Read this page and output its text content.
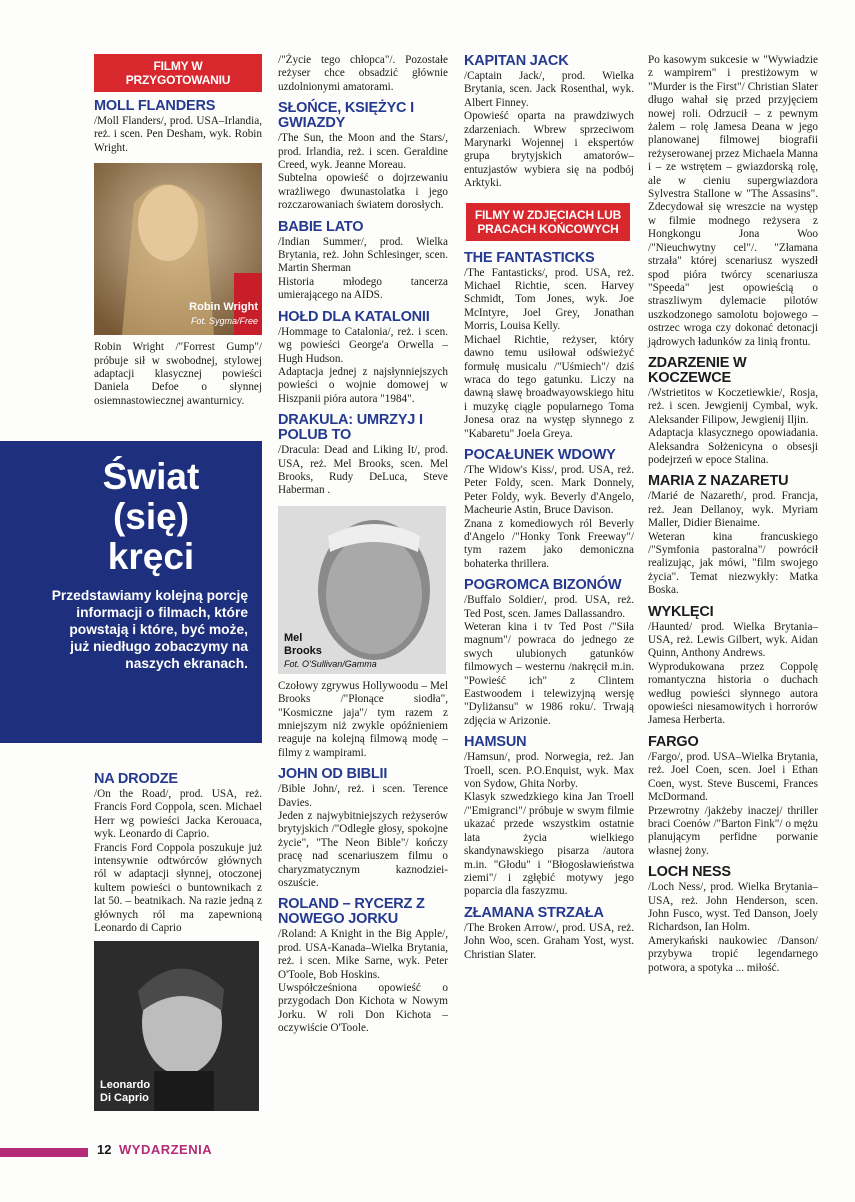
FILMY W PRZYGOTOWANIU
MOLL FLANDERS

/Moll Flanders/, prod. USA–Irlandia, reż. i scen. Pen Desham, wyk. Robin Wright.

Robin Wright
Fot. Sygma/Free

Robin Wright /"Forrest Gump"/ próbuje sił w swobodnej, stylowej adaptacji klasycznej powieści Daniela Defoe o słynnej osiemnastowiecznej awanturnicy.

Świat
(się)
kręci
Przedstawiamy kolejną porcję informacji o filmach, które powstają i które, być może, już niedługo zobaczymy na naszych ekranach.
NA DRODZE

/On the Road/, prod. USA, reż. Francis Ford Coppola, scen. Michael Herr wg powieści Jacka Kerouaca, wyk. Leonardo di Caprio.

Francis Ford Coppola poszukuje już intensywnie odtwórców głównych ról w adaptacji słynnej, otoczonej kultem powieści o buntownikach z lat 50. – beatnikach. Na razie jedną z głównych ról ma zapewnioną Leonardo di Caprio

Leonardo
Di Caprio

/"Życie tego chłopca"/. Pozostałe reżyser chce obsadzić głównie uzdolnionymi amatorami.

SŁOŃCE, KSIĘŻYC I GWIAZDY

/The Sun, the Moon and the Stars/, prod. Irlandia, reż. i scen. Geraldine Creed, wyk. Jeanne Moreau.

Subtelna opowieść o dojrzewaniu wrażliwego dwunastolatka i jego rozczarowaniach światem dorosłych.

BABIE LATO

/Indian Summer/, prod. Wielka Brytania, reż. John Schlesinger, scen. Martin Sherman

Historia młodego tancerza umierającego na AIDS.

HOŁD DLA KATALONII

/Hommage to Catalonia/, reż. i scen. wg powieści George'a Orwella – Hugh Hudson.

Adaptacja jednej z najsłynniejszych powieści o wojnie domowej w Hiszpanii pióra autora "1984".

DRAKULA: UMRZYJ I POLUB TO

/Dracula: Dead and Liking It/, prod. USA, reż. Mel Brooks, scen. Mel Brooks, Rudy DeLuca, Steve Haberman .

Mel
Brooks
Fot. O'Sullivan/Gamma

Czołowy zgrywus Hollywoodu – Mel Brooks /"Płonące siodła", "Kosmiczne jaja"/ tym razem z mniejszym niż zwykle opóźnieniem reaguje na kolejną filmową modę – filmy z wampirami.

JOHN OD BIBLII

/Bible John/, reż. i scen. Terence Davies.

Jeden z najwybitniejszych reżyserów brytyjskich /"Odległe głosy, spokojne życie", "The Neon Bible"/ kończy pracę nad scenariuszem filmu o charyzmatycznym kaznodziei-oszuście.

ROLAND – RYCERZ Z NOWEGO JORKU

/Roland: A Knight in the Big Apple/, prod. USA-Kanada–Wielka Brytania, reż. i scen. Mike Sarne, wyk. Peter O'Toole, Bob Hoskins.

Uwspółcześniona opowieść o przygodach Don Kichota w Nowym Jorku. W roli Don Kichota – oczywiście O'Toole.

KAPITAN JACK

/Captain Jack/, prod. Wielka Brytania, scen. Jack Rosenthal, wyk. Albert Finney.

Opowieść oparta na prawdziwych zdarzeniach. Wbrew sprzeciwom Marynarki Wojennej i ekspertów grupa brytyjskich amatorów–entuzjastów wybiera się na podbój Arktyki.

FILMY W ZDJĘCIACH LUB PRACACH KOŃCOWYCH
THE FANTASTICKS

/The Fantasticks/, prod. USA, reż. Michael Richtie, scen. Harvey Schmidt, Tom Jones, wyk. Joe McIntyre, Joel Grey, Jonathan Morris, Louisa Kelly.

Michael Richtie, reżyser, który dawno temu usiłował odświeżyć formułę musicalu /"Uśmiech"/ dziś wraca do tego gatunku. Liczy na dawną sławę broadwayowskiego hitu i muzykę ciągle popularnego Toma Jonesa oraz na występ słynnego z "Kabaretu" Joela Greya.

POCAŁUNEK WDOWY

/The Widow's Kiss/, prod. USA, reż. Peter Foldy, scen. Mark Donnely, Peter Foldy, wyk. Beverly d'Angelo, Macheurie Astin, Bruce Davison.

Znana z komediowych ról Beverly d'Angelo /"Honky Tonk Freeway"/ tym razem jako demoniczna bohaterka thrillera.

POGROMCA BIZONÓW

/Buffalo Soldier/, prod. USA, reż. Ted Post, scen. James Dallassandro.

Weteran kina i tv Ted Post /"Siła magnum"/ powraca do jednego ze swych ulubionych gatunków filmowych – westernu /nakręcił m.in. "Powieść ich" z Clintem Eastwoodem i telewizyjną wersję "Dyliżansu" w 1986 roku/. Trwają zdjęcia w Arizonie.

HAMSUN

/Hamsun/, prod. Norwegia, reż. Jan Troell, scen. P.O.Enquist, wyk. Max von Sydow, Ghita Norby.

Klasyk szwedzkiego kina Jan Troell /"Emigranci"/ próbuje w swym filmie ukazać przede wszystkim ostatnie lata życia wielkiego skandynawskiego pisarza /autora m.in. "Głodu" i "Błogosławieństwa ziemi"/ i zgłębić motywy jego poparcia dla faszyzmu.

ZŁAMANA STRZAŁA

/The Broken Arrow/, prod. USA, reż. John Woo, scen. Graham Yost, wyst. Christian Slater.

Po kasowym sukcesie w "Wywiadzie z wampirem" i prestiżowym w "Murder is the First"/ Christian Slater długo wahał się przed przyjęciem nowej roli. Odrzucił – z pewnym żalem – rolę Jamesa Deana w jego planowanej filmowej biografii reżyserowanej przez Michaela Manna i – ze wstrętem – gwiazdorską rolę, ale w cieniu supergwiazdora Sylvestra Stallone w "The Assasins". Zdecydował się wreszcie na występ w filmie modnego reżysera z Hongkongu Jona Woo /"Nieuchwytny cel"/. "Złamana strzała" której scenariusz wyszedł spod pióra twórcy scenariusza "Speeda" jest opowieścią o straszliwym dylemacie pilotów uszkodzonego samolotu bojowego – ostrzec wroga czy dokonać detonacji jądrowych ładunków za linią frontu.

ZDARZENIE W KOCZEWCE

/Wstrietitos w Koczetiewkie/, Rosja, reż. i scen. Jewgienij Cymbal, wyk. Aleksander Filipow, Jewgienij Iljin.

Adaptacja klasycznego opowiadania. Aleksandra Sołżenicyna o obsesji podejrzeń w epoce Stalina.

MARIA Z NAZARETU

/Marié de Nazareth/, prod. Francja, reż. Jean Dellanoy, wyk. Myriam Maller, Didier Bienaime.

Weteran kina francuskiego /"Symfonia pastoralna"/ powrócił realizując, jak mówi, "film swojego życia". Temat niezwykły: Matka Boska.

WYKLĘCI

/Haunted/ prod. Wielka Brytania–USA, reż. Lewis Gilbert, wyk. Aidan Quinn, Anthony Andrews.

Wyprodukowana przez Coppolę romantyczna historia o duchach według powieści słynnego autora opowieści niesamowitych i horrorów Jamesa Herberta.

FARGO

/Fargo/, prod. USA–Wielka Brytania, reż. Joel Coen, scen. Joel i Ethan Coen, wyst. Steve Buscemi, Frances McDormand.

Przewrotny /jakżeby inaczej/ thriller braci Coenów /"Barton Fink"/ o mężu planującym perfidne porwanie własnej żony.

LOCH NESS

/Loch Ness/, prod. Wielka Brytania–USA, reż. John Henderson, scen. John Fusco, wyst. Ted Danson, Joely Richardson, Ian Holm.

Amerykański naukowiec /Danson/ przybywa tropić legendarnego potwora, a spotyka ... miłość.

12 WYDARZENIA
